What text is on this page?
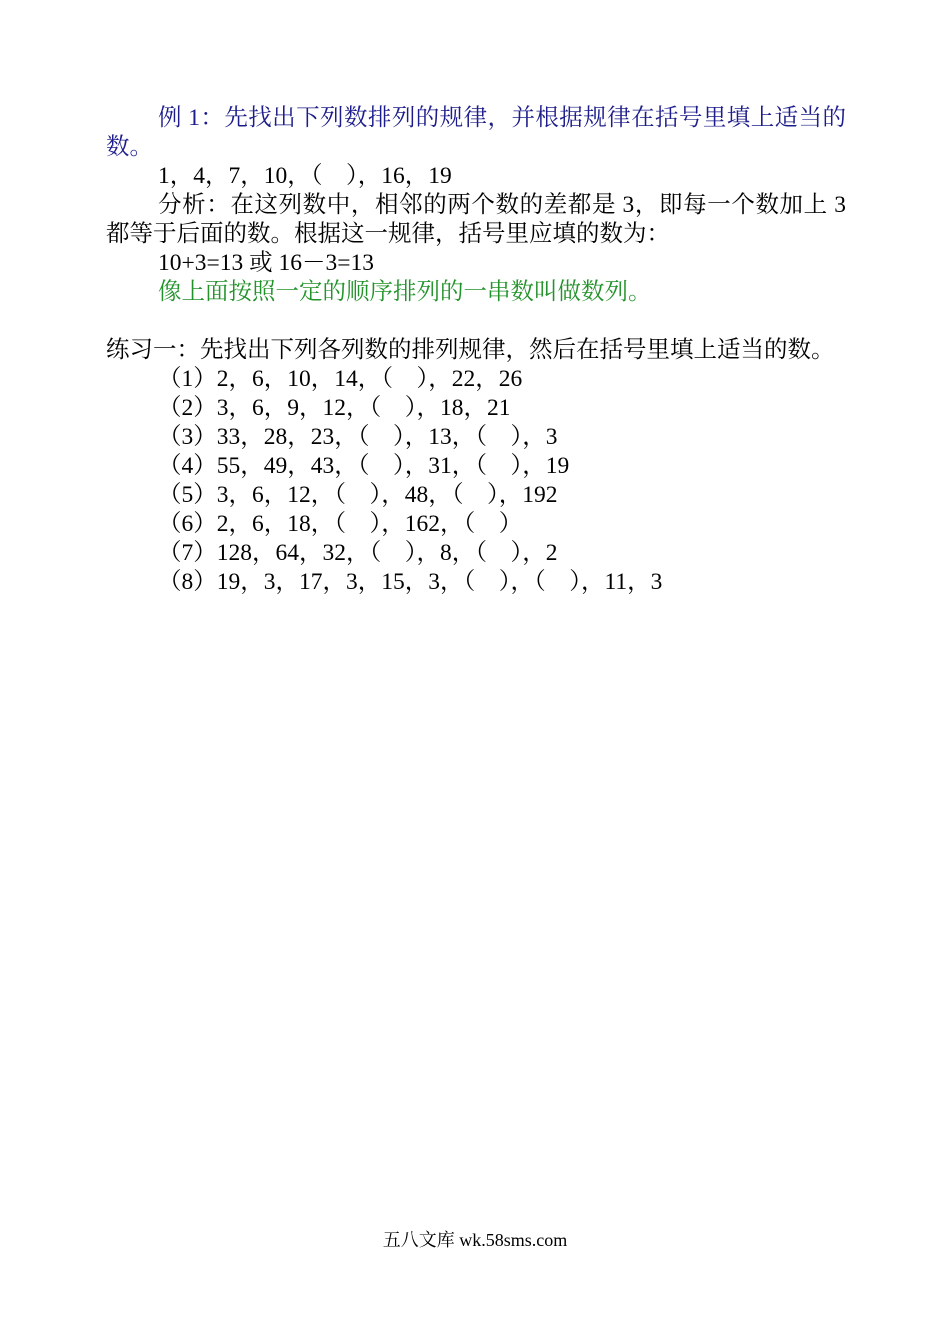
例 1：先找出下列数排列的规律，并根据规律在括号里填上适当的数。

1，4，7，10，（　），16，19

分析：在这列数中，相邻的两个数的差都是 3，即每一个数加上 3 都等于后面的数。根据这一规律，括号里应填的数为：

10+3=13 或 16－3=13

像上面按照一定的顺序排列的一串数叫做数列。

练习一：先找出下列各列数的排列规律，然后在括号里填上适当的数。

（1）2，6，10，14，（　），22，26
（2）3，6，9，12，（　），18，21
（3）33，28，23，（　），13，（　），3
（4）55，49，43，（　），31，（　），19
（5）3，6，12，（　），48，（　），192
（6）2，6，18，（　），162，（　）
（7）128，64，32，（　），8，（　），2
（8）19，3，17，3，15，3，（　），（　），11，3
五八文库 wk.58sms.com
